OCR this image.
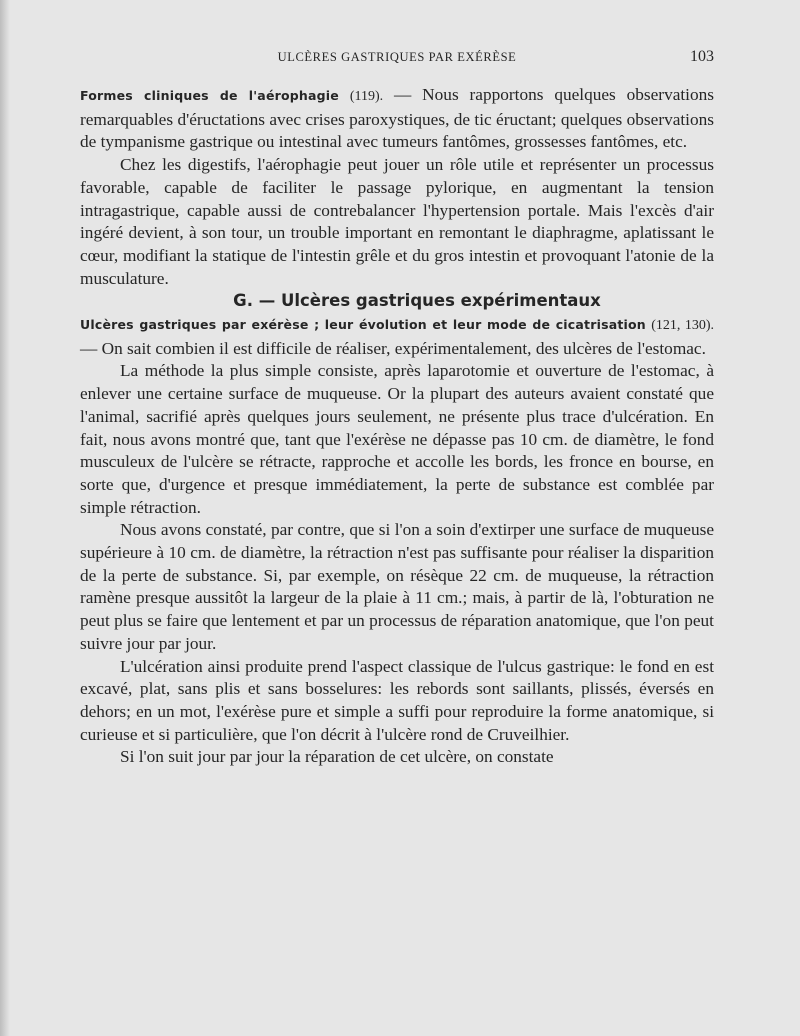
ULCÈRES GASTRIQUES PAR EXÉRÈSE	103

Formes cliniques de l'aérophagie (119). — Nous rapportons quelques observations remarquables d'éructations avec crises paroxystiques, de tic éructant; quelques observations de tympanisme gastrique ou intestinal avec tumeurs fantômes, grossesses fantômes, etc.

Chez les digestifs, l'aérophagie peut jouer un rôle utile et représenter un processus favorable, capable de faciliter le passage pylorique, en augmentant la tension intragastrique, capable aussi de contrebalancer l'hypertension portale. Mais l'excès d'air ingéré devient, à son tour, un trouble important en remontant le diaphragme, aplatissant le cœur, modifiant la statique de l'intestin grêle et du gros intestin et provoquant l'atonie de la musculature.

G. — Ulcères gastriques expérimentaux

Ulcères gastriques par exérèse ; leur évolution et leur mode de cicatrisation (121, 130). — On sait combien il est difficile de réaliser, expérimentalement, des ulcères de l'estomac.

La méthode la plus simple consiste, après laparotomie et ouverture de l'estomac, à enlever une certaine surface de muqueuse. Or la plupart des auteurs avaient constaté que l'animal, sacrifié après quelques jours seulement, ne présente plus trace d'ulcération. En fait, nous avons montré que, tant que l'exérèse ne dépasse pas 10 cm. de diamètre, le fond musculeux de l'ulcère se rétracte, rapproche et accolle les bords, les fronce en bourse, en sorte que, d'urgence et presque immédiatement, la perte de substance est comblée par simple rétraction.

Nous avons constaté, par contre, que si l'on a soin d'extirper une surface de muqueuse supérieure à 10 cm. de diamètre, la rétraction n'est pas suffisante pour réaliser la disparition de la perte de substance. Si, par exemple, on résèque 22 cm. de muqueuse, la rétraction ramène presque aussitôt la largeur de la plaie à 11 cm.; mais, à partir de là, l'obturation ne peut plus se faire que lentement et par un processus de réparation anatomique, que l'on peut suivre jour par jour.

L'ulcération ainsi produite prend l'aspect classique de l'ulcus gastrique: le fond en est excavé, plat, sans plis et sans bosselures: les rebords sont saillants, plissés, éversés en dehors; en un mot, l'exérèse pure et simple a suffi pour reproduire la forme anatomique, si curieuse et si particulière, que l'on décrit à l'ulcère rond de Cruveilhier.

Si l'on suit jour par jour la réparation de cet ulcère, on constate
